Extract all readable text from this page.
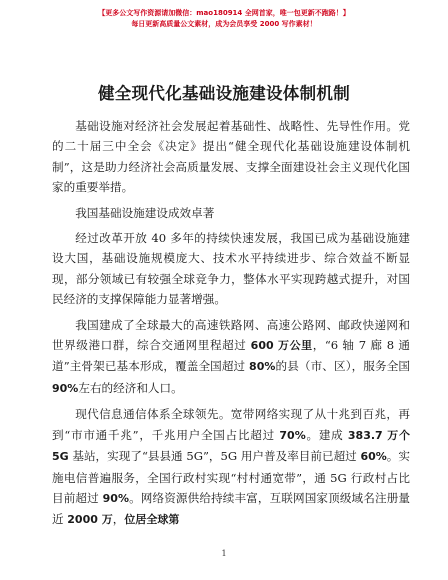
【更多公文写作资源请加微信：mao180914 全网首家，唯一包更新不跑路！】
每日更新高质量公文素材，成为会员享受 2000 写作素材！
健全现代化基础设施建设体制机制

基础设施对经济社会发展起着基础性、战略性、先导性作用。党的二十届三中全会《决定》提出“健全现代化基础设施建设体制机制”，这是助力经济社会高质量发展、支撑全面建设社会主义现代化国家的重要举措。

我国基础设施建设成效卓著

经过改革开放 40 多年的持续快速发展，我国已成为基础设施建设大国，基础设施规模庞大、技术水平持续进步、综合效益不断显现，部分领域已有较强全球竞争力，整体水平实现跨越式提升，对国民经济的支撑保障能力显著增强。

我国建成了全球最大的高速铁路网、高速公路网、邮政快递网和世界级港口群，综合交通网里程超过 600 万公里，“6 轴 7 廊 8 通道”主骨架已基本形成，覆盖全国超过 80%的县（市、区），服务全国 90%左右的经济和人口。

现代信息通信体系全球领先。宽带网络实现了从十兆到百兆，再到“市市通千兆”，千兆用户全国占比超过 70%。建成 383.7 万个 5G 基站，实现了“县县通 5G”，5G 用户普及率目前已超过 60%。实施电信普遍服务，全国行政村实现“村村通宽带”，通 5G 行政村占比目前超过 90%。网络资源供给持续丰富，互联网国家顶级域名注册量近 2000 万，位居全球第

1
